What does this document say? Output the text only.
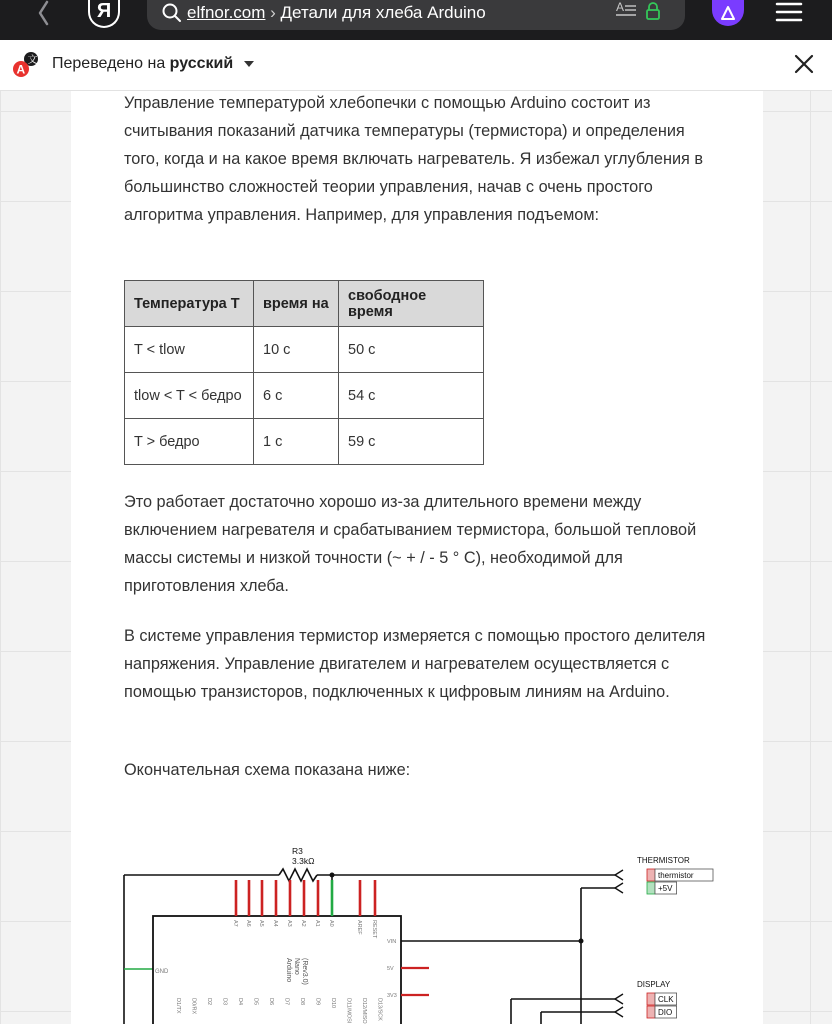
Я	elfnor.com › Детали для хлеба Arduino	A
文
A Переведено на русский

Управление температурой хлебопечки с помощью Arduino состоит из считывания показаний датчика температуры (термистора) и определения того, когда и на какое время включать нагреватель. Я избежал углубления в большинство сложностей теории управления, начав с очень простого алгоритма управления. Например, для управления подъемом:

Температура T	время на	свободное время
T < tlow	10 с	50 с
tlow < T < бедро	6 с	54 с
T > бедро	1 с	59 с

Это работает достаточно хорошо из-за длительного времени между включением нагревателя и срабатыванием термистора, большой тепловой массы системы и низкой точности (~ + / - 5 ° C), необходимой для приготовления хлеба.

В системе управления термистор измеряется с помощью простого делителя напряжения. Управление двигателем и нагревателем осуществляется с помощью транзисторов, подключенных к цифровым линиям на Arduino.

Окончательная схема показана ниже:

A7 A6 A5 A4 A3 A2 A1 A0	AREF RESET
VIN
5V
3V3
D1/TX D0/RX D2 D3 D4 D5 D6 D7 D8 D9 D10 D11/MOSI D12/MISO D13/SCK
R3
3.3kΩ	THERMISTOR
DISPLAY
GND	Arduino Nano (Rev3.0)
thermistor
+5V
CLK
DIO
